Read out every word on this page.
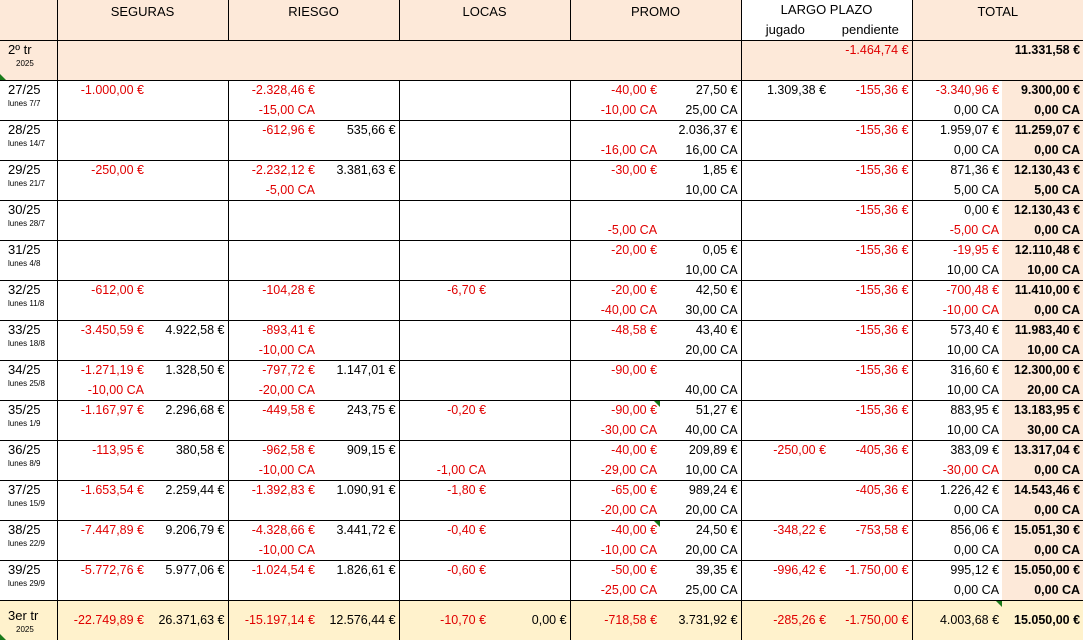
	SEGURAS		RIESGO		LOCAS		PROMO		LARGO PLAZO		TOTAL	
									jugado	pendiente		

2º tr
2025										-1.464,74 €		11.331,58 €

27/25
lunes 7/7	-1.000,00 €		-2.328,46 €				-40,00 €	27,50 €	1.309,38 €	-155,36 €	-3.340,96 €	9.300,00 €
			-15,00 CA				-10,00 CA	25,00 CA			0,00 CA	0,00 CA

28/25
lunes 14/7			-612,96 €	535,66 €				2.036,37 €		-155,36 €	1.959,07 €	11.259,07 €
							-16,00 CA	16,00 CA			0,00 CA	0,00 CA

29/25
lunes 21/7	-250,00 €		-2.232,12 €	3.381,63 €			-30,00 €	1,85 €		-155,36 €	871,36 €	12.130,43 €
			-5,00 CA					10,00 CA			5,00 CA	5,00 CA

30/25
lunes 28/7										-155,36 €	0,00 €	12.130,43 €
							-5,00 CA				-5,00 CA	0,00 CA

31/25
lunes 4/8							-20,00 €	0,05 €		-155,36 €	-19,95 €	12.110,48 €
								10,00 CA			10,00 CA	10,00 CA

32/25
lunes 11/8	-612,00 €		-104,28 €		-6,70 €		-20,00 €	42,50 €		-155,36 €	-700,48 €	11.410,00 €
							-40,00 CA	30,00 CA			-10,00 CA	0,00 CA

33/25
lunes 18/8	-3.450,59 €	4.922,58 €	-893,41 €				-48,58 €	43,40 €		-155,36 €	573,40 €	11.983,40 €
			-10,00 CA					20,00 CA			10,00 CA	10,00 CA

34/25
lunes 25/8	-1.271,19 €	1.328,50 €	-797,72 €	1.147,01 €			-90,00 €			-155,36 €	316,60 €	12.300,00 €
	-10,00 CA		-20,00 CA					40,00 CA			10,00 CA	20,00 CA

35/25
lunes 1/9	-1.167,97 €	2.296,68 €	-449,58 €	243,75 €	-0,20 €		-90,00 €	51,27 €		-155,36 €	883,95 €	13.183,95 €
							-30,00 CA	40,00 CA			10,00 CA	30,00 CA

36/25
lunes 8/9	-113,95 €	380,58 €	-962,58 €	909,15 €			-40,00 €	209,89 €	-250,00 €	-405,36 €	383,09 €	13.317,04 €
			-10,00 CA		-1,00 CA		-29,00 CA	10,00 CA			-30,00 CA	0,00 CA

37/25
lunes 15/9	-1.653,54 €	2.259,44 €	-1.392,83 €	1.090,91 €	-1,80 €		-65,00 €	989,24 €		-405,36 €	1.226,42 €	14.543,46 €
							-20,00 CA	20,00 CA			0,00 CA	0,00 CA

38/25
lunes 22/9	-7.447,89 €	9.206,79 €	-4.328,66 €	3.441,72 €	-0,40 €		-40,00 €	24,50 €	-348,22 €	-753,58 €	856,06 €	15.051,30 €
			-10,00 CA				-10,00 CA	20,00 CA			0,00 CA	0,00 CA

39/25
lunes 29/9	-5.772,76 €	5.977,06 €	-1.024,54 €	1.826,61 €	-0,60 €		-50,00 €	39,35 €	-996,42 €	-1.750,00 €	995,12 €	15.050,00 €
							-25,00 CA	25,00 CA			0,00 CA	0,00 CA

3er tr
2025	-22.749,89 €	26.371,63 €	-15.197,14 €	12.576,44 €	-10,70 €	0,00 €	-718,58 €	3.731,92 €	-285,26 €	-1.750,00 €	4.003,68 €	15.050,00 €
